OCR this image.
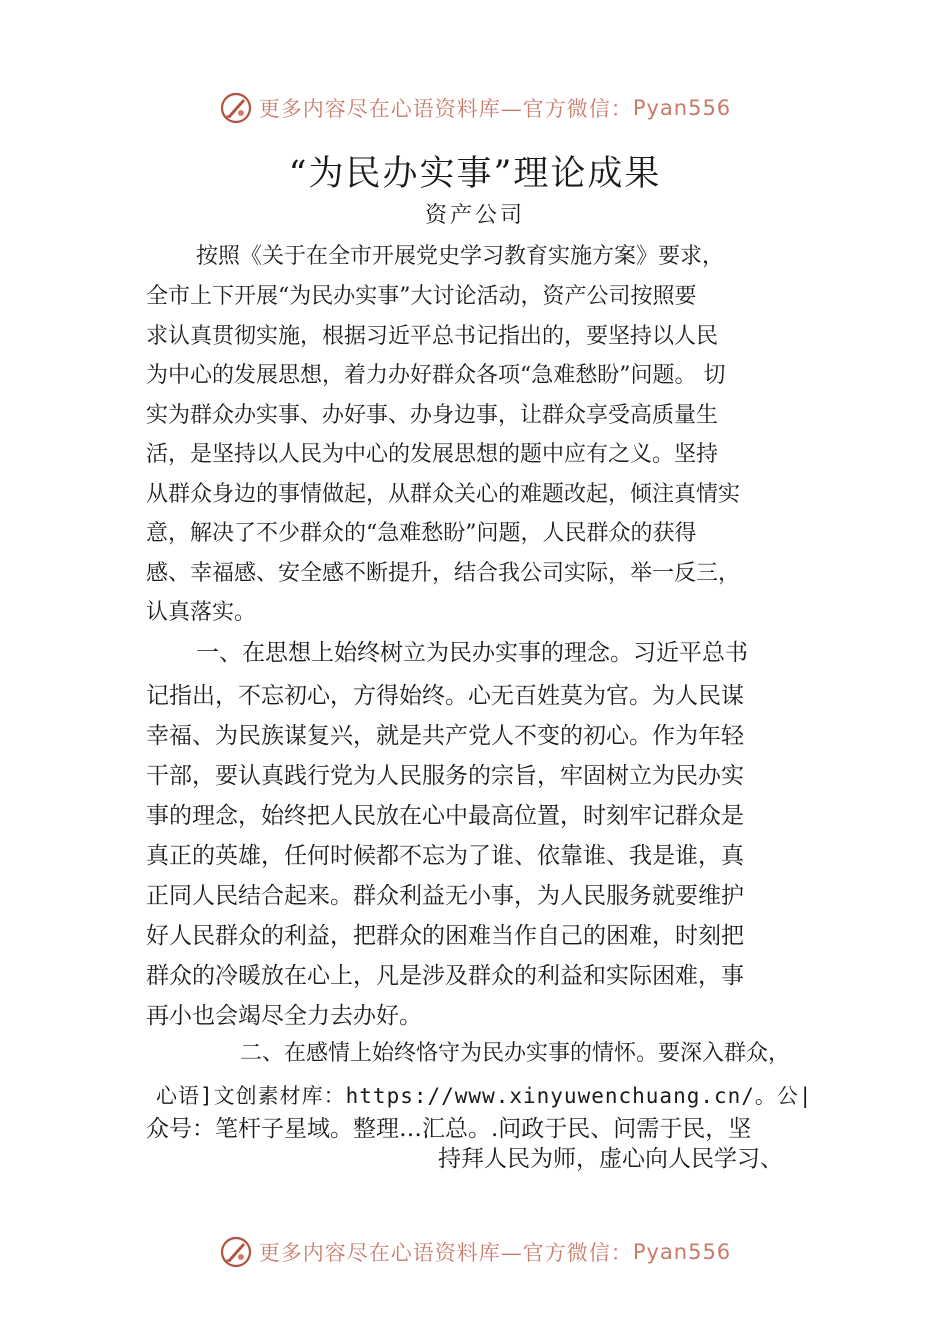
更多内容尽在心语资料库—官方微信： Pyan556
“为民办实事”理论成果
资产公司
按照《关于在全市开展党史学习教育实施方案》要求，
全市上下开展“为民办实事”大讨论活动，资产公司按照要
求认真贯彻实施，根据习近平总书记指出的，要坚持以人民
为中心的发展思想，着力办好群众各项“急难愁盼”问题。 切
实为群众办实事、办好事、办身边事，让群众享受高质量生
活，是坚持以人民为中心的发展思想的题中应有之义。坚持
从群众身边的事情做起，从群众关心的难题改起，倾注真情实
意，解决了不少群众的“急难愁盼”问题，人民群众的获得
感、幸福感、安全感不断提升，结合我公司实际，举一反三，
认真落实。
一、在思想上始终树立为民办实事的理念。习近平总书
记指出，不忘初心，方得始终。心无百姓莫为官。为人民谋
幸福、为民族谋复兴，就是共产党人不变的初心。作为年轻
干部，要认真践行党为人民服务的宗旨，牢固树立为民办实
事的理念，始终把人民放在心中最高位置，时刻牢记群众是
真正的英雄，任何时候都不忘为了谁、依靠谁、我是谁，真
正同人民结合起来。群众利益无小事，为人民服务就要维护
好人民群众的利益，把群众的困难当作自己的困难，时刻把
群众的冷暖放在心上，凡是涉及群众的利益和实际困难，事
再小也会竭尽全力去办好。
二、在感情上始终恪守为民办实事的情怀。要深入群众，
心语]文创素材库：https://www.xinyuwenchuang.cn/。公|
众号：笔杆子星域。整理…汇总。.问政于民、问需于民，坚
持拜人民为师，虚心向人民学习、
更多内容尽在心语资料库—官方微信： Pyan556
